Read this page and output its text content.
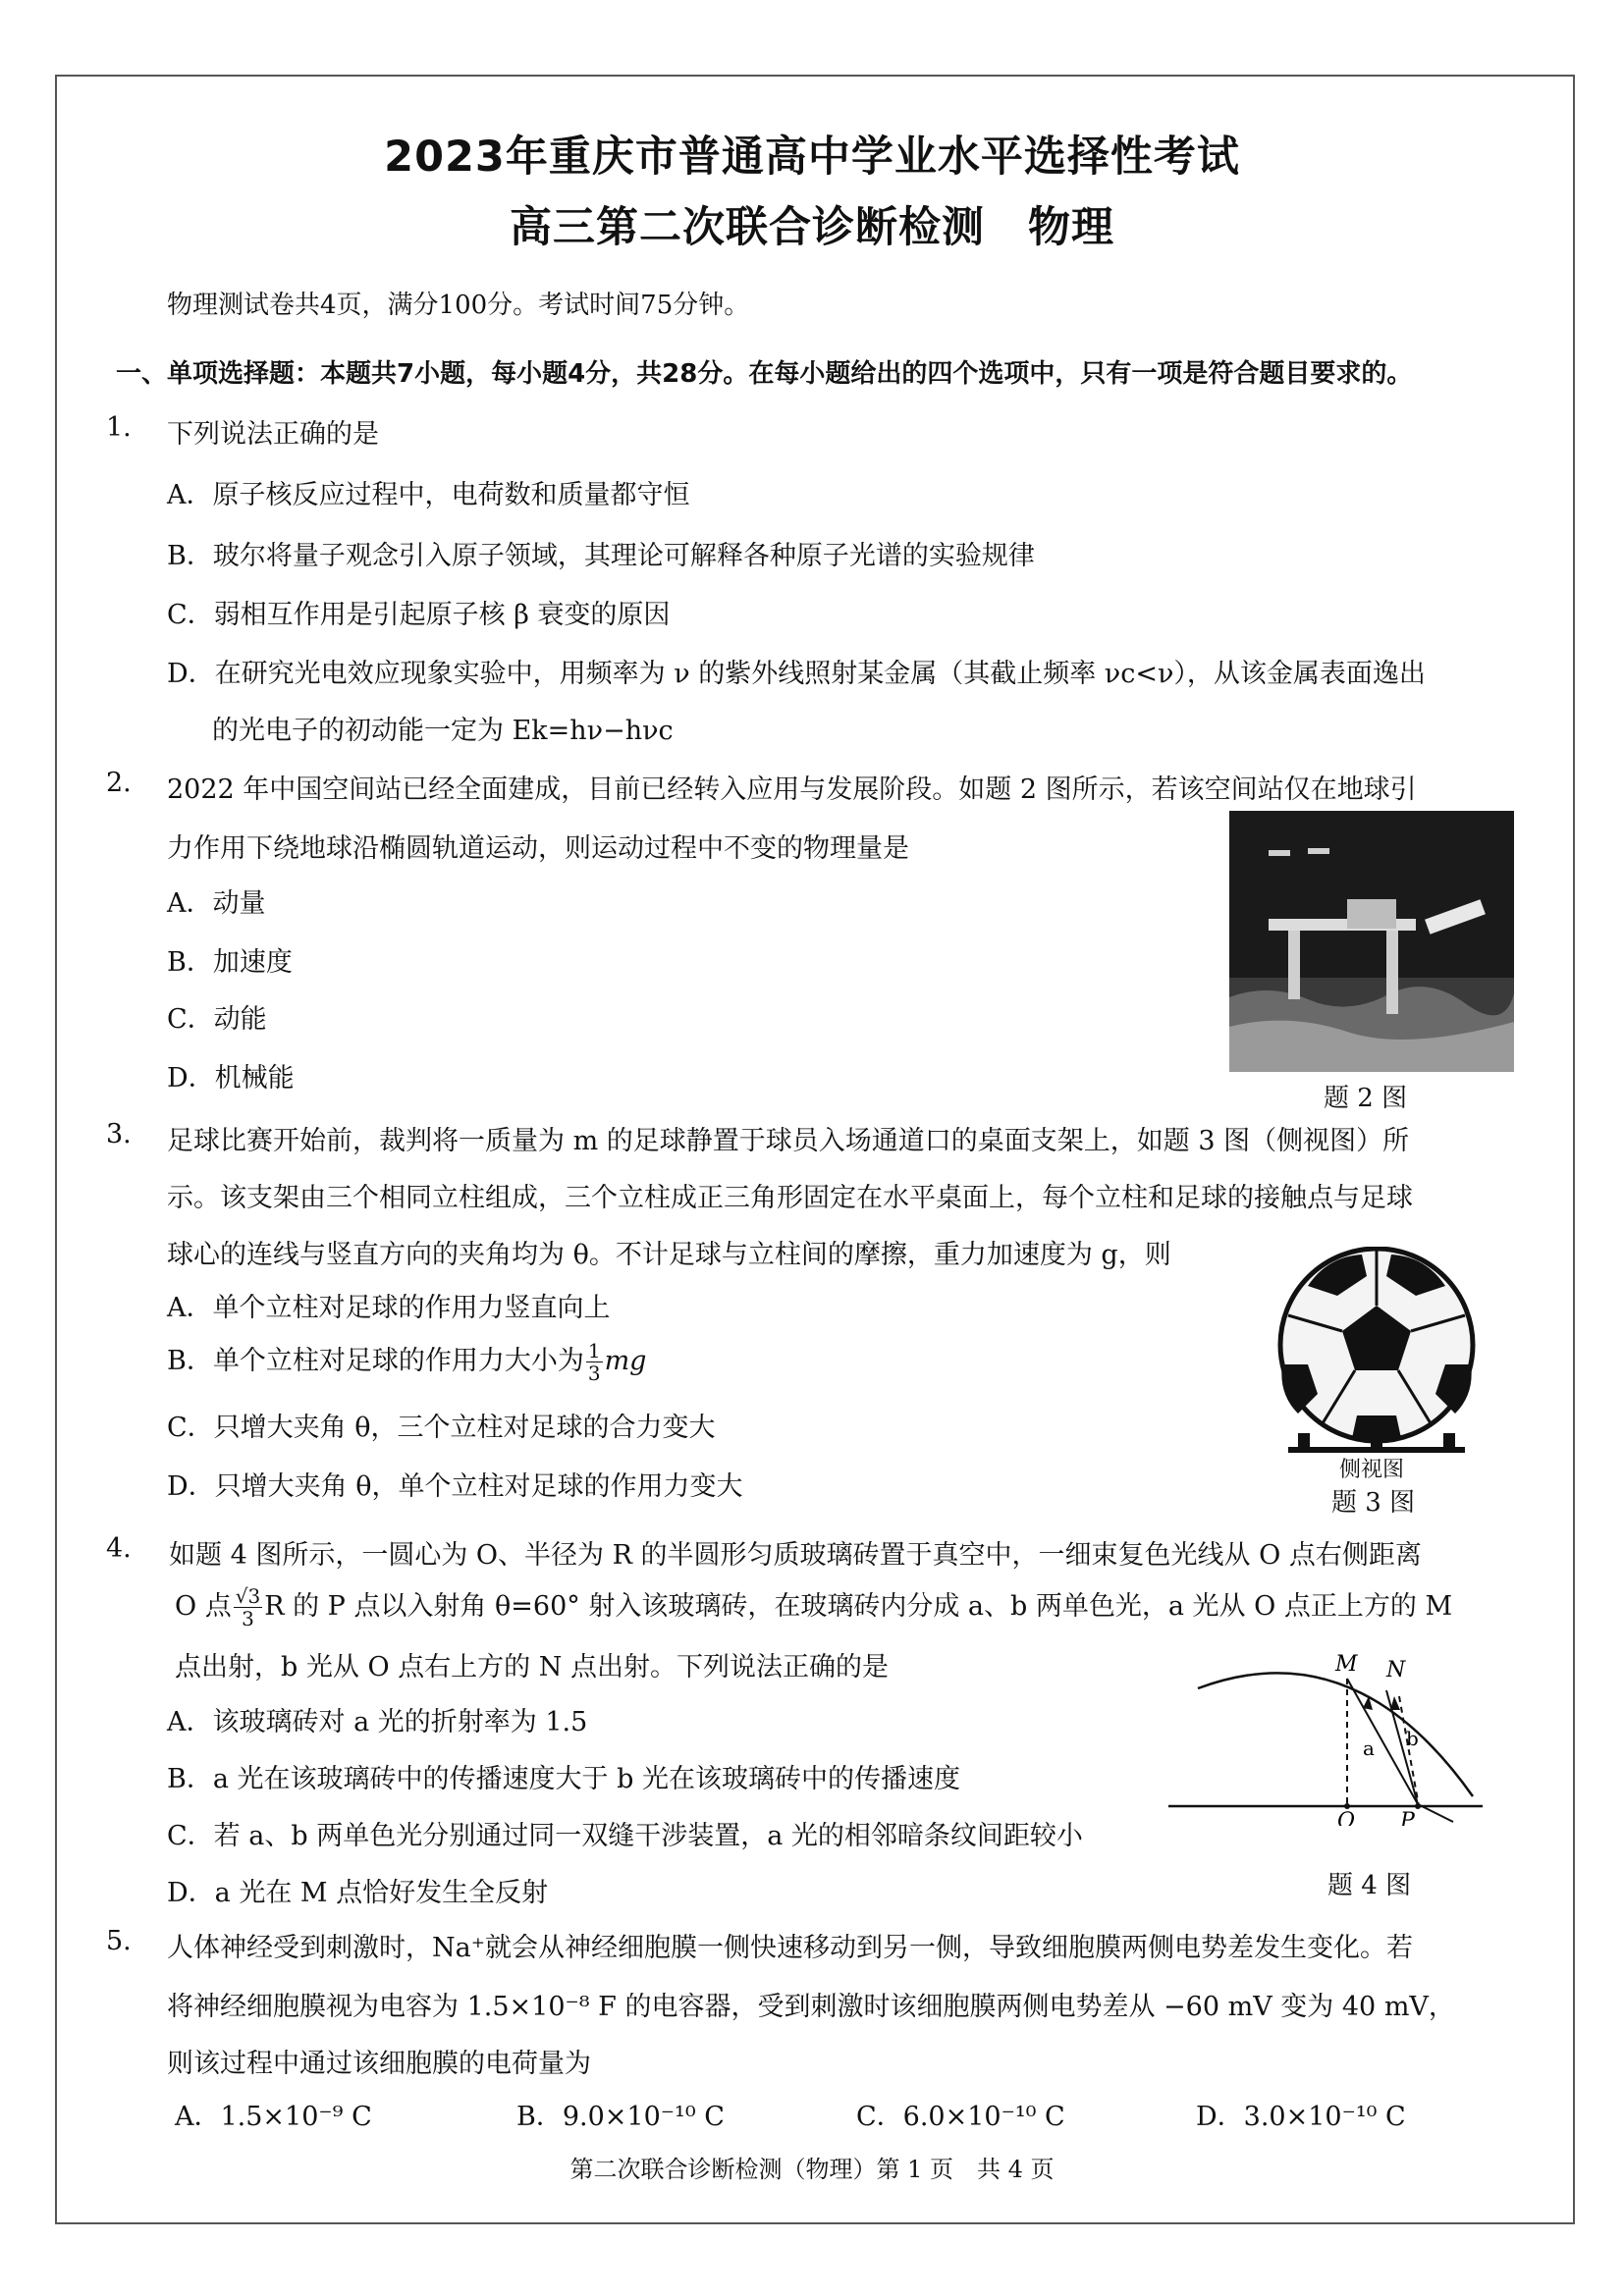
2023年重庆市普通高中学业水平选择性考试
高三第二次联合诊断检测　物理
物理测试卷共4页，满分100分。考试时间75分钟。
一、单项选择题：本题共7小题，每小题4分，共28分。在每小题给出的四个选项中，只有一项是符合题目要求的。
1. 下列说法正确的是
A．原子核反应过程中，电荷数和质量都守恒
B．玻尔将量子观念引入原子领域，其理论可解释各种原子光谱的实验规律
C．弱相互作用是引起原子核 β 衰变的原因
D．在研究光电效应现象实验中，用频率为 ν 的紫外线照射某金属（其截止频率 νc<ν），从该金属表面逸出
的光电子的初动能一定为 Ek=hν−hνc
2. 2022 年中国空间站已经全面建成，目前已经转入应用与发展阶段。如题 2 图所示，若该空间站仅在地球引
力作用下绕地球沿椭圆轨道运动，则运动过程中不变的物理量是
A．动量
B．加速度
C．动能
D．机械能
题 2 图
3. 足球比赛开始前，裁判将一质量为 m 的足球静置于球员入场通道口的桌面支架上，如题 3 图（侧视图）所
示。该支架由三个相同立柱组成，三个立柱成正三角形固定在水平桌面上，每个立柱和足球的接触点与足球
球心的连线与竖直方向的夹角均为 θ。不计足球与立柱间的摩擦，重力加速度为 g，则
A．单个立柱对足球的作用力竖直向上
B．单个立柱对足球的作用力大小为 $\frac{1}{3}$ mg
C．只增大夹角 θ，三个立柱对足球的合力变大
D．只增大夹角 θ，单个立柱对足球的作用力变大
侧视图
题 3 图
4. 如题 4 图所示，一圆心为 O、半径为 R 的半圆形匀质玻璃砖置于真空中，一细束复色光线从 O 点右侧距离
O 点 $\frac{√3}{3}$ R 的 P 点以入射角 θ=60° 射入该玻璃砖，在玻璃砖内分成 a、b 两单色光，a 光从 O 点正上方的 M
点出射，b 光从 O 点右上方的 N 点出射。下列说法正确的是
A．该玻璃砖对 a 光的折射率为 1.5
B．a 光在该玻璃砖中的传播速度大于 b 光在该玻璃砖中的传播速度
C．若 a、b 两单色光分别通过同一双缝干涉装置，a 光的相邻暗条纹间距较小
D．a 光在 M 点恰好发生全反射
M N
a b
O P
题 4 图
5. 人体神经受到刺激时，Na⁺就会从神经细胞膜一侧快速移动到另一侧，导致细胞膜两侧电势差发生变化。若
将神经细胞膜视为电容为 1.5×10⁻⁸ F 的电容器，受到刺激时该细胞膜两侧电势差从 −60 mV 变为 40 mV，
则该过程中通过该细胞膜的电荷量为
A．1.5×10⁻⁹ C	B．9.0×10⁻¹⁰ C	C．6.0×10⁻¹⁰ C	D．3.0×10⁻¹⁰ C
第二次联合诊断检测（物理）第 1 页　共 4 页
